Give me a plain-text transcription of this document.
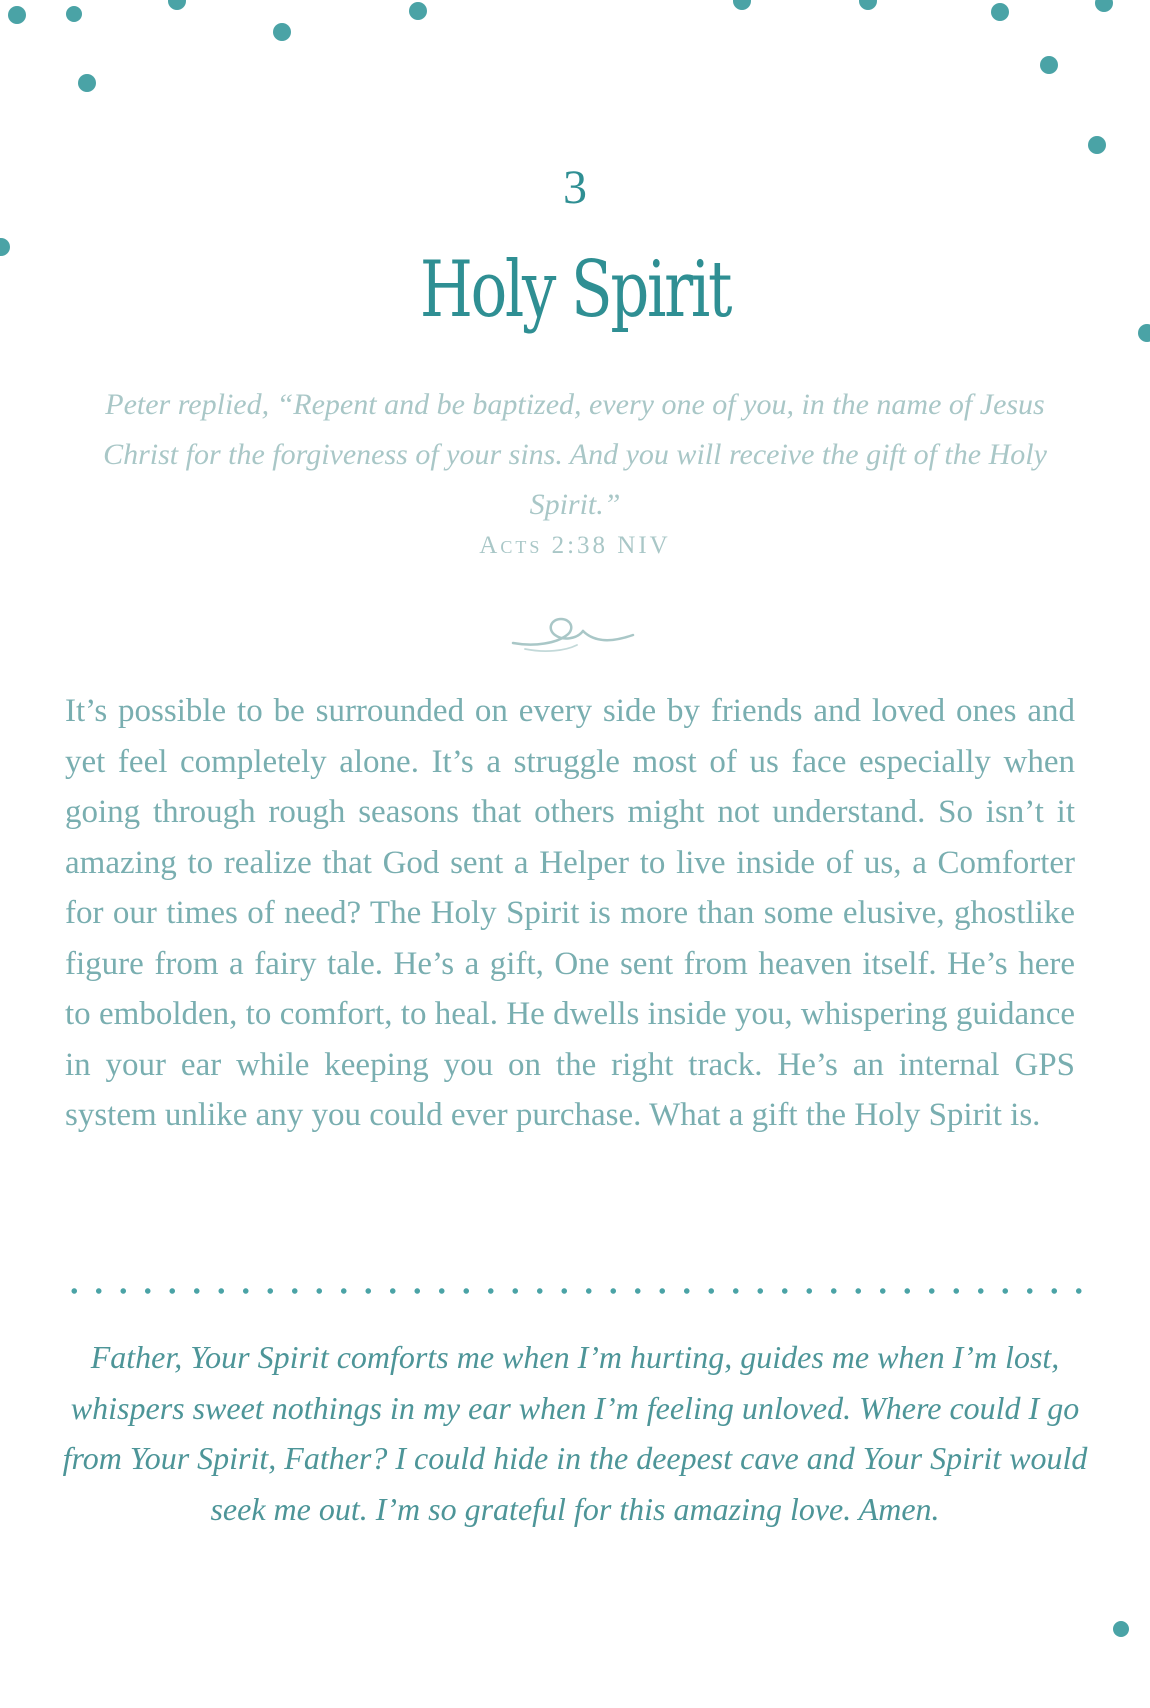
3
Holy Spirit
Peter replied, “Repent and be baptized, every one of you, in the name of Jesus Christ for the forgiveness of your sins. And you will receive the gift of the Holy Spirit.”
Acts 2:38 NIV
It’s possible to be surrounded on every side by friends and loved ones and yet feel completely alone. It’s a struggle most of us face especially when going through rough seasons that others might not understand. So isn’t it amazing to realize that God sent a Helper to live inside of us, a Comforter for our times of need? The Holy Spirit is more than some elusive, ghostlike figure from a fairy tale. He’s a gift, One sent from heaven itself. He’s here to embolden, to comfort, to heal. He dwells inside you, whispering guidance in your ear while keeping you on the right track. He’s an internal GPS system unlike any you could ever purchase. What a gift the Holy Spirit is.
Father, Your Spirit comforts me when I’m hurting, guides me when I’m lost, whispers sweet nothings in my ear when I’m feeling unloved. Where could I go from Your Spirit, Father? I could hide in the deepest cave and Your Spirit would seek me out. I’m so grateful for this amazing love. Amen.
